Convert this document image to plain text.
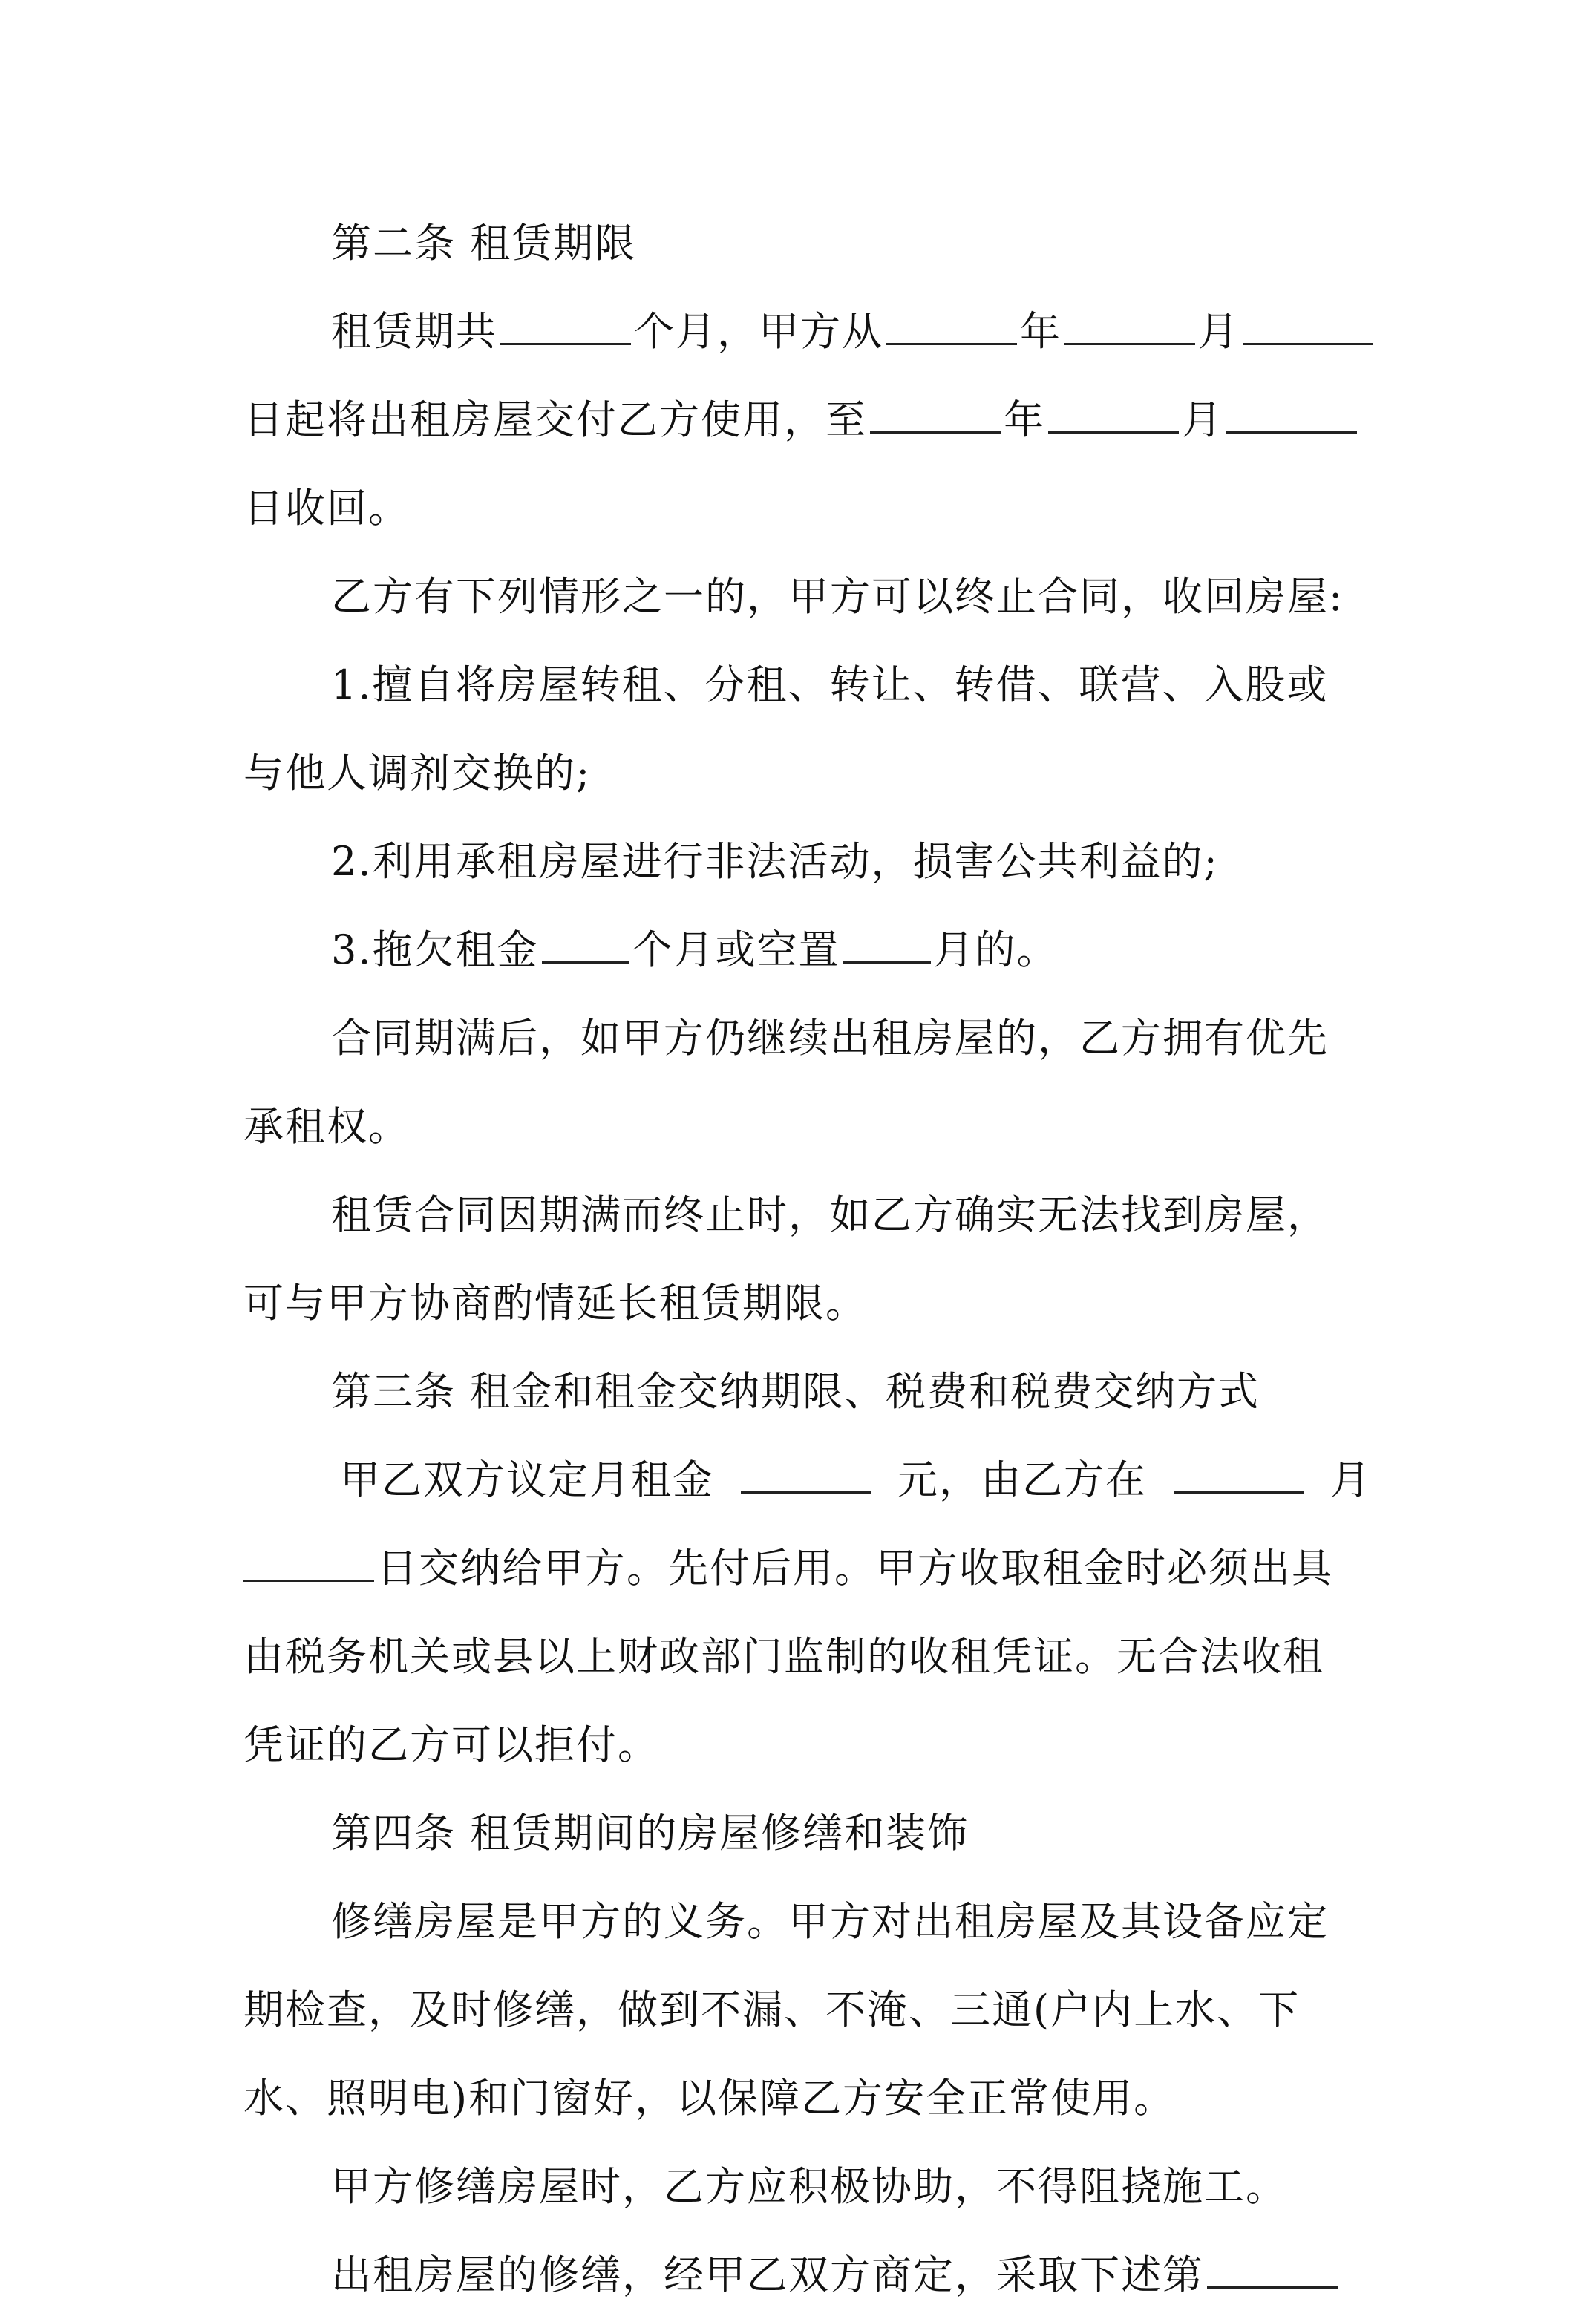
第二条 租赁期限
租赁期共	个月，甲方从	年	月
日起将出租房屋交付乙方使用，至	年	月
日收回。
乙方有下列情形之一的，甲方可以终止合同，收回房屋:
1.擅自将房屋转租、分租、转让、转借、联营、入股或
与他人调剂交换的;
2.利用承租房屋进行非法活动，损害公共利益的;
3.拖欠租金 个月或空置 月的。
合同期满后，如甲方仍继续出租房屋的，乙方拥有优先
承租权。
租赁合同因期满而终止时，如乙方确实无法找到房屋，
可与甲方协商酌情延长租赁期限。
第三条 租金和租金交纳期限、税费和税费交纳方式
甲乙双方议定月租金	元，由乙方在	月
日交纳给甲方。先付后用。甲方收取租金时必须出具
由税务机关或县以上财政部门监制的收租凭证。无合法收租
凭证的乙方可以拒付。
第四条 租赁期间的房屋修缮和装饰
修缮房屋是甲方的义务。甲方对出租房屋及其设备应定
期检查，及时修缮，做到不漏、不淹、三通(户内上水、下
水、照明电)和门窗好，以保障乙方安全正常使用。
甲方修缮房屋时，乙方应积极协助，不得阻挠施工。
出租房屋的修缮，经甲乙双方商定，采取下述第
